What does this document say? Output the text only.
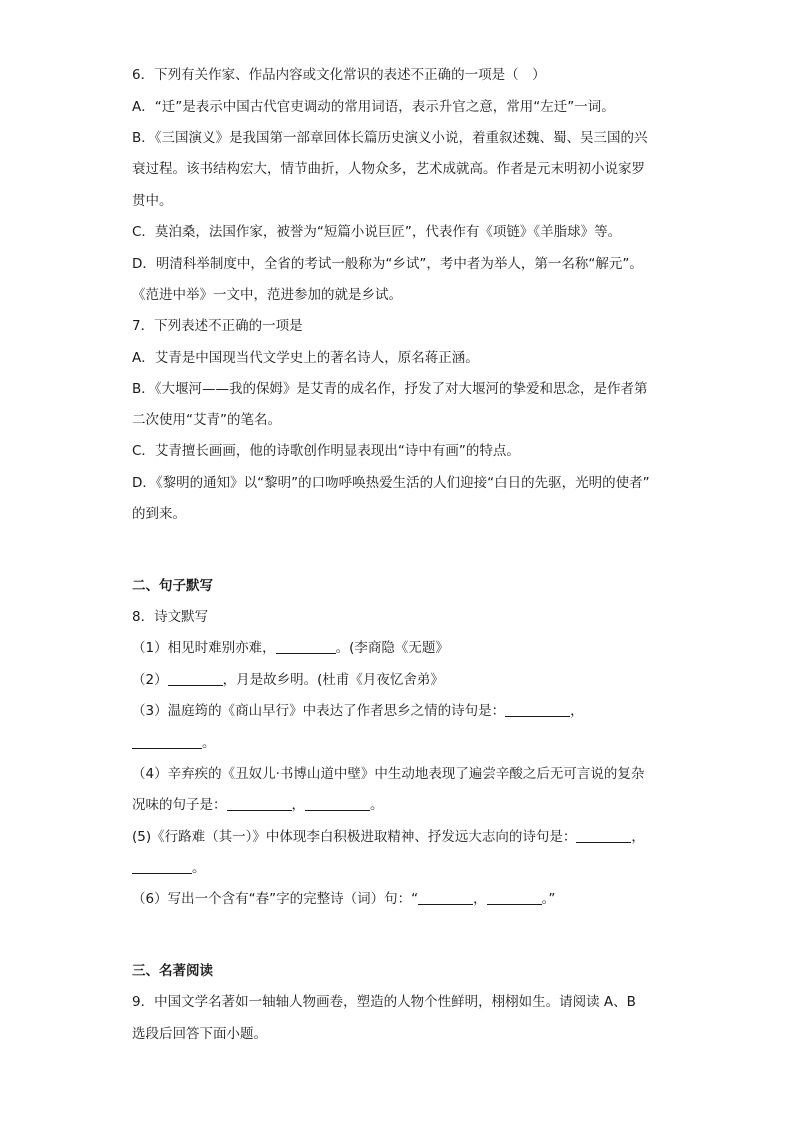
6．下列有关作家、作品内容或文化常识的表述不正确的一项是（　）
A．“迁”是表示中国古代官吏调动的常用词语，表示升官之意，常用“左迁”一词。
B．《三国演义》是我国第一部章回体长篇历史演义小说，着重叙述魏、蜀、吴三国的兴
衰过程。该书结构宏大，情节曲折，人物众多，艺术成就高。作者是元末明初小说家罗
贯中。
C．莫泊桑，法国作家，被誉为“短篇小说巨匠”，代表作有《项链》《羊脂球》等。
D．明清科举制度中，全省的考试一般称为“乡试”，考中者为举人，第一名称“解元”。
《范进中举》一文中，范进参加的就是乡试。
7．下列表述不正确的一项是
A．艾青是中国现当代文学史上的著名诗人，原名蒋正涵。
B．《大堰河——我的保姆》是艾青的成名作，抒发了对大堰河的挚爱和思念，是作者第
二次使用“艾青”的笔名。
C．艾青擅长画画，他的诗歌创作明显表现出“诗中有画”的特点。
D．《黎明的通知》以“黎明”的口吻呼唤热爱生活的人们迎接“白日的先驱，光明的使者”
的到来。
二、句子默写
8．诗文默写
（1）相见时难别亦难，	。(李商隐《无题》
（2）	，月是故乡明。(杜甫《月夜忆舍弟》
（3）温庭筠的《商山早行》中表达了作者思乡之情的诗句是：	，
。
（4）辛弃疾的《丑奴儿·书博山道中壁》中生动地表现了遍尝辛酸之后无可言说的复杂
况味的句子是：	，	。
(5)《行路难（其一）》中体现李白积极进取精神、抒发远大志向的诗句是：	，
。
（6）写出一个含有“春”字的完整诗（词）句：“	，	。”
三、名著阅读
9．中国文学名著如一轴轴人物画卷，塑造的人物个性鲜明，栩栩如生。请阅读 A、B
选段后回答下面小题。
